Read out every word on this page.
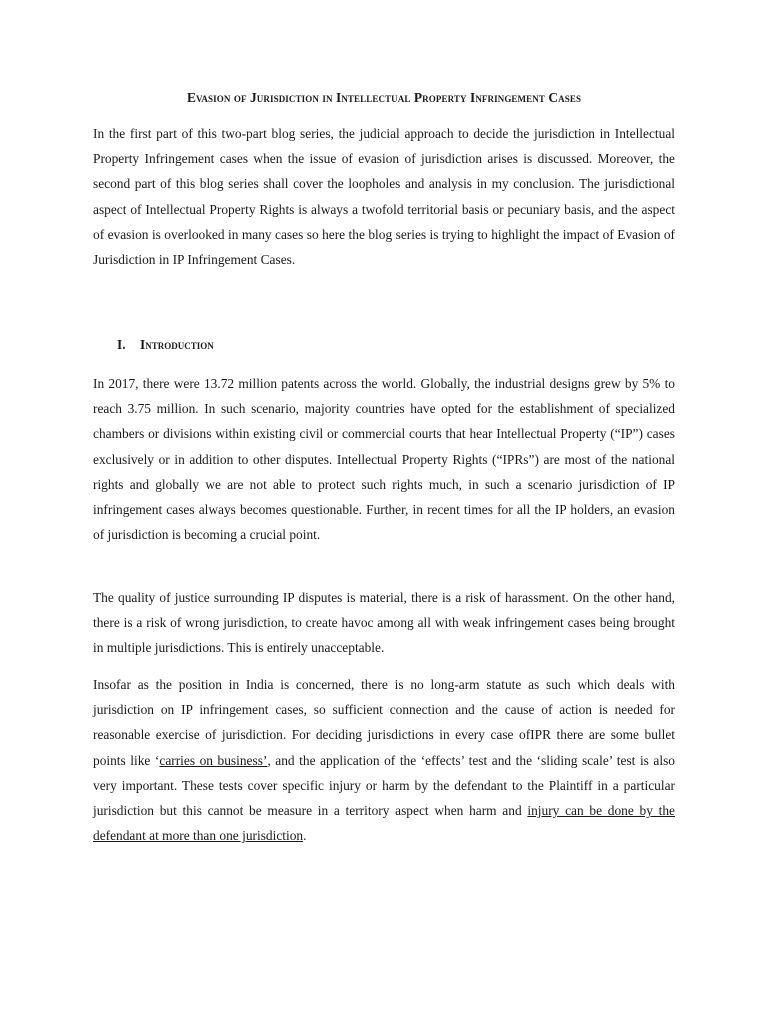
Evasion of Jurisdiction in Intellectual Property Infringement Cases

In the first part of this two-part blog series, the judicial approach to decide the jurisdiction in Intellectual Property Infringement cases when the issue of evasion of jurisdiction arises is discussed. Moreover, the second part of this blog series shall cover the loopholes and analysis in my conclusion. The jurisdictional aspect of Intellectual Property Rights is always a twofold territorial basis or pecuniary basis, and the aspect of evasion is overlooked in many cases so here the blog series is trying to highlight the impact of Evasion of Jurisdiction in IP Infringement Cases.

I. Introduction

In 2017, there were 13.72 million patents across the world. Globally, the industrial designs grew by 5% to reach 3.75 million. In such scenario, majority countries have opted for the establishment of specialized chambers or divisions within existing civil or commercial courts that hear Intellectual Property (“IP”) cases exclusively or in addition to other disputes. Intellectual Property Rights (“IPRs”) are most of the national rights and globally we are not able to protect such rights much, in such a scenario jurisdiction of IP infringement cases always becomes questionable. Further, in recent times for all the IP holders, an evasion of jurisdiction is becoming a crucial point.

The quality of justice surrounding IP disputes is material, there is a risk of harassment. On the other hand, there is a risk of wrong jurisdiction, to create havoc among all with weak infringement cases being brought in multiple jurisdictions. This is entirely unacceptable.

Insofar as the position in India is concerned, there is no long-arm statute as such which deals with jurisdiction on IP infringement cases, so sufficient connection and the cause of action is needed for reasonable exercise of jurisdiction. For deciding jurisdictions in every case ofIPR there are some bullet points like ‘carries on business’, and the application of the ‘effects’ test and the ‘sliding scale’ test is also very important. These tests cover specific injury or harm by the defendant to the Plaintiff in a particular jurisdiction but this cannot be measure in a territory aspect when harm and injury can be done by the defendant at more than one jurisdiction.
